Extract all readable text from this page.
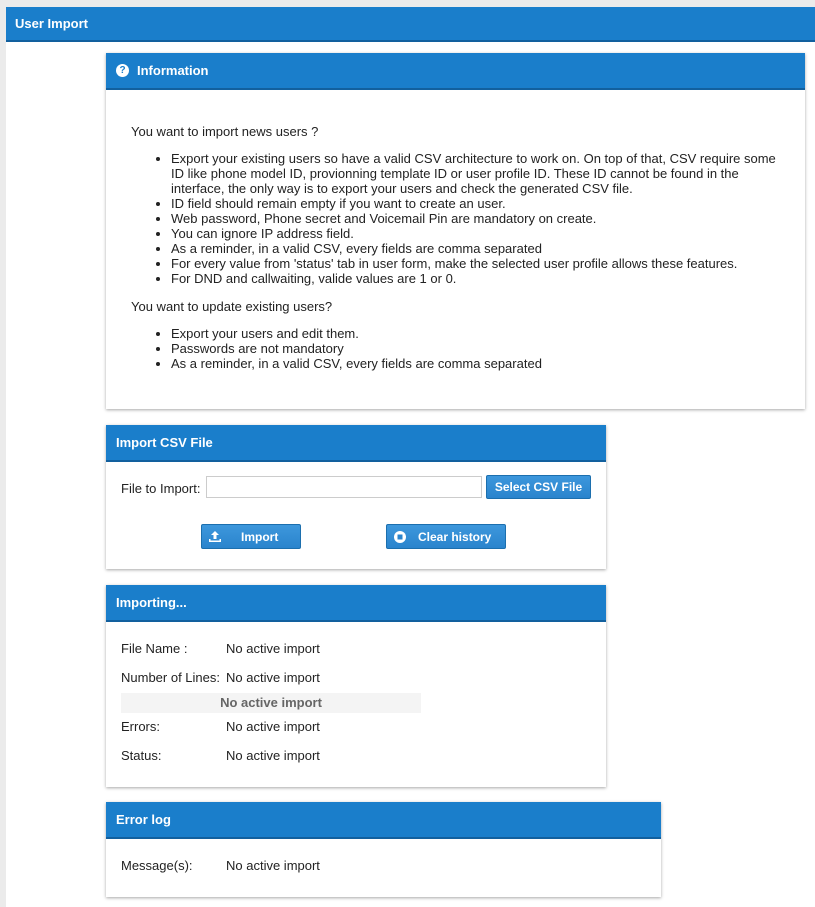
User Import
? Information

You want to import news users ?

• Export your existing users so have a valid CSV architecture to work on. On top of that, CSV require some ID like phone model ID, provionning template ID or user profile ID. These ID cannot be found in the interface, the only way is to export your users and check the generated CSV file.
• ID field should remain empty if you want to create an user.
• Web password, Phone secret and Voicemail Pin are mandatory on create.
• You can ignore IP address field.
• As a reminder, in a valid CSV, every fields are comma separated
• For every value from 'status' tab in user form, make the selected user profile allows these features.
• For DND and callwaiting, valide values are 1 or 0.

You want to update existing users?

• Export your users and edit them.
• Passwords are not mandatory
• As a reminder, in a valid CSV, every fields are comma separated
Import CSV File
File to Import:	Select CSV File
Import	Clear history
Importing...
File Name :	No active import
Number of Lines: No active import
No active import
Errors:	No active import
Status:	No active import
Error log
Message(s):	No active import
